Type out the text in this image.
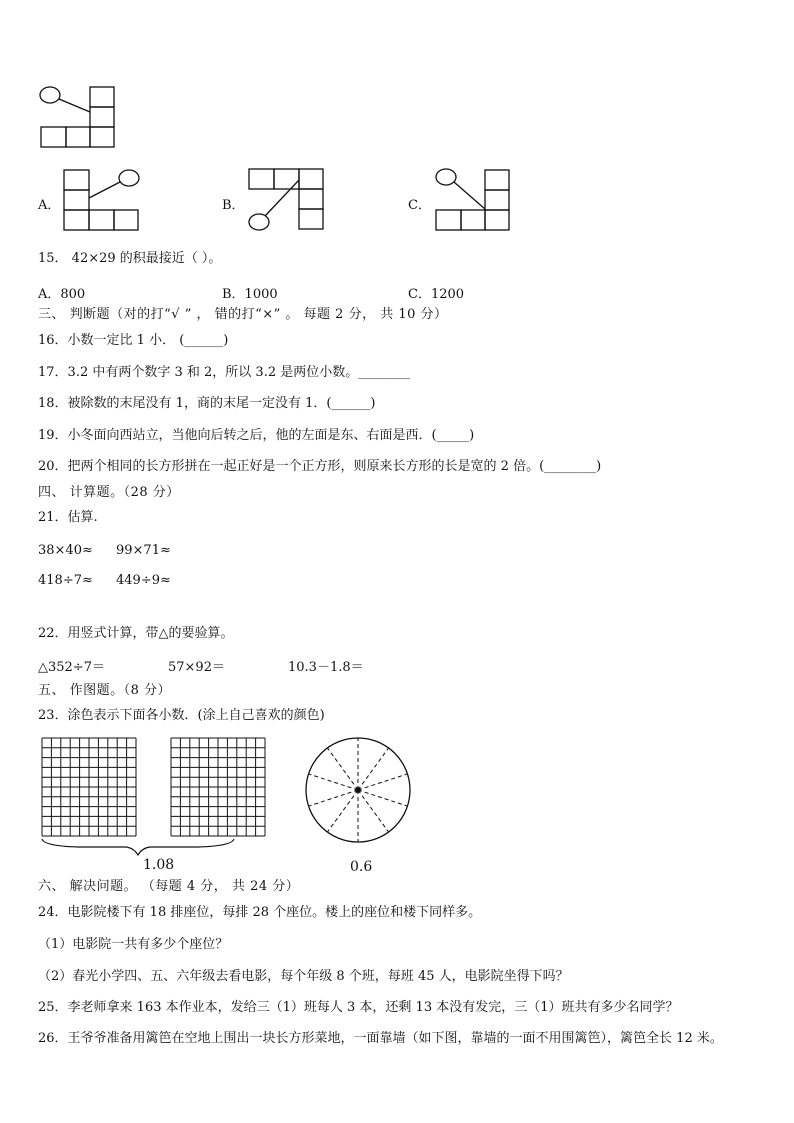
A．	B．	C．
15． 42×29 的积最接近（ ）。
A．800	B．1000	C．1200
三、 判断题（对的打“√ ” ， 错的打“×” 。 每题 2 分， 共 10 分）
16．小数一定比 1 小． (______)
17．3.2 中有两个数字 3 和 2，所以 3.2 是两位小数。________
18．被除数的末尾没有 1，商的末尾一定没有 1．(______)
19．小冬面向西站立，当他向后转之后，他的左面是东、右面是西．(_____)
20．把两个相同的长方形拼在一起正好是一个正方形，则原来长方形的长是宽的 2 倍。(________)
四、 计算题。（28 分）
21．估算.
38×40≈ 99×71≈
418÷7≈ 449÷9≈
22．用竖式计算，带△的要验算。
△352÷7＝	57×92＝	10.3－1.8＝
五、 作图题。（8 分）
23．涂色表示下面各小数．(涂上自己喜欢的颜色)
1.08	0.6
六、 解决问题。 （每题 4 分， 共 24 分）
24．电影院楼下有 18 排座位，每排 28 个座位。楼上的座位和楼下同样多。
（1）电影院一共有多少个座位？
（2）春光小学四、五、六年级去看电影，每个年级 8 个班，每班 45 人，电影院坐得下吗？
25．李老师拿来 163 本作业本，发给三（1）班每人 3 本，还剩 13 本没有发完，三（1）班共有多少名同学？
26．王爷爷准备用篱笆在空地上围出一块长方形菜地，一面靠墙（如下图，靠墙的一面不用围篱笆），篱笆全长 12 米。
